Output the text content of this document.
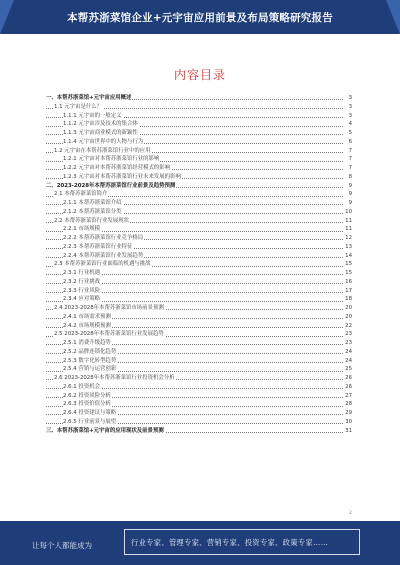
本帮苏浙菜馆企业+元宇宙应用前景及布局策略研究报告
内容目录
一、本帮苏浙菜馆+元宇宙应用概述	3
1.1 元宇宙是什么？	3
1.1.1 元宇宙的一般定义	3
1.1.2 元宇宙涉及技术的集合体	4
1.1.3 元宇宙商业模式的新颖性	5
1.1.4 元宇宙世界中的人物与行为	6
1.2 元宇宙在本帮苏浙菜馆行业中的应用	7
1.2.1 元宇宙对本帮苏浙菜馆行业的影响	7
1.2.2 元宇宙对本帮苏浙菜馆经营模式的影响	7
1.2.3 元宇宙对本帮苏浙菜馆行业未来发展的影响	8
二、2023-2028年本帮苏浙菜馆行业前景及趋势预测	9
2.1 本帮苏浙菜馆简介	9
2.1.1 本帮苏浙菜馆介绍	9
2.1.2 本帮苏浙菜馆分类	10
2.2 本帮苏浙菜馆行业发展现状	11
2.2.1 市场规模	11
2.2.2 本帮苏浙菜馆行业竞争格局	12
2.2.3 本帮苏浙菜馆行业特征	13
2.2.4 本帮苏浙菜馆行业发展趋势	14
2.3 本帮苏浙菜馆行业面临的机遇与挑战	15
2.3.1 行业机遇	15
2.3.2 行业挑战	16
2.3.3 行业风险	17
2.3.4 应对策略	18
2.4 2023-2028年本帮苏浙菜馆市场前景预测	20
2.4.1 市场需求预测	20
2.4.2 市场规模预测	22
2.5 2023-2028年本帮苏浙菜馆行业发展趋势	23
2.5.1 消费升级趋势	23
2.5.2 品牌连锁化趋势	24
2.5.3 数字化转型趋势	24
2.5.4 营销与运营创新	25
2.6 2023-2028年本帮苏浙菜馆行业投资机会分析	26
2.6.1 投资机会	26
2.6.2 投资风险分析	27
2.6.3 投资价值分析	28
2.6.4 投资建议与策略	29
2.6.5 行业前景与展望	30
三、本帮苏浙菜馆+元宇宙的应用现状及前景预测	31
2
让每个人都能成为	行业专家、管理专家、营销专家、投资专家、政策专家……
